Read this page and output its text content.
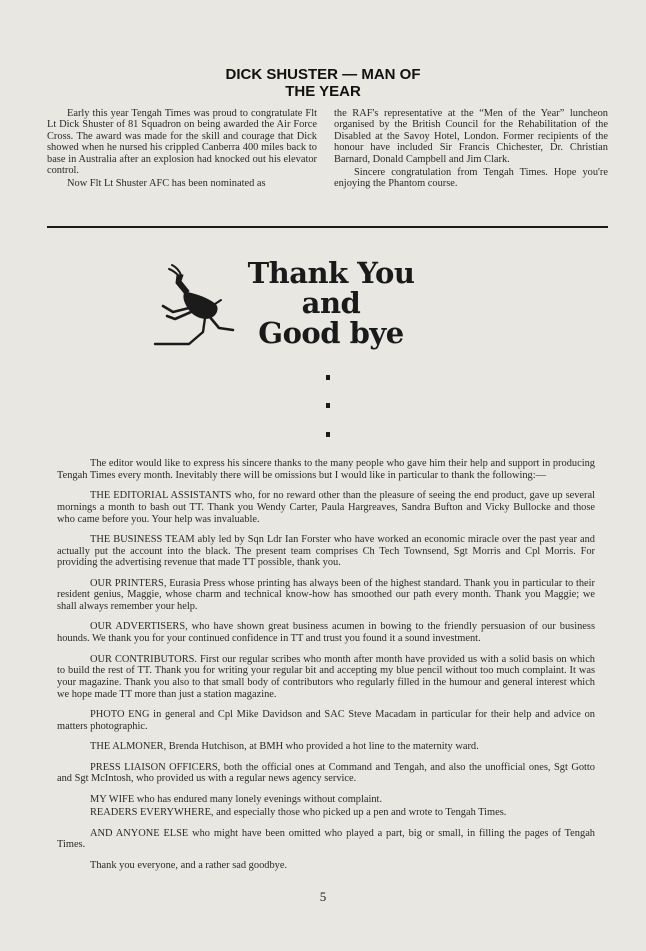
DICK SHUSTER — MAN OF
THE YEAR

Early this year Tengah Times was proud to congratulate Flt Lt Dick Shuster of 81 Squadron on being awarded the Air Force Cross. The award was made for the skill and courage that Dick showed when he nursed his crippled Canberra 400 miles back to base in Australia after an explosion had knocked out his elevator control.

Now Flt Lt Shuster AFC has been nominated as

the RAF's representative at the “Men of the Year” luncheon organised by the British Council for the Rehabilitation of the Disabled at the Savoy Hotel, London. Former recipients of the honour have included Sir Francis Chichester, Dr. Christian Barnard, Donald Campbell and Jim Clark.

Sincere congratulation from Tengah Times. Hope you're enjoying the Phantom course.

Thank You
and
Good bye

The editor would like to express his sincere thanks to the many people who gave him their help and support in producing Tengah Times every month. Inevitably there will be omissions but I would like in particular to thank the following:—

THE EDITORIAL ASSISTANTS who, for no reward other than the pleasure of seeing the end product, gave up several mornings a month to bash out TT. Thank you Wendy Carter, Paula Hargreaves, Sandra Bufton and Vicky Bullocke and those who came before you. Your help was invaluable.

THE BUSINESS TEAM ably led by Sqn Ldr Ian Forster who have worked an economic miracle over the past year and actually put the account into the black. The present team comprises Ch Tech Townsend, Sgt Morris and Cpl Morris. For providing the advertising revenue that made TT possible, thank you.

OUR PRINTERS, Eurasia Press whose printing has always been of the highest standard. Thank you in particular to their resident genius, Maggie, whose charm and technical know-how has smoothed our path every month. Thank you Maggie; we shall always remember your help.

OUR ADVERTISERS, who have shown great business acumen in bowing to the friendly persuasion of our business hounds. We thank you for your continued confidence in TT and trust you found it a sound investment.

OUR CONTRIBUTORS. First our regular scribes who month after month have provided us with a solid basis on which to build the rest of TT. Thank you for writing your regular bit and accepting my blue pencil without too much complaint. It was your magazine. Thank you also to that small body of contributors who regularly filled in the humour and general interest which we hope made TT more than just a station magazine.

PHOTO ENG in general and Cpl Mike Davidson and SAC Steve Macadam in particular for their help and advice on matters photographic.

THE ALMONER, Brenda Hutchison, at BMH who provided a hot line to the maternity ward.

PRESS LIAISON OFFICERS, both the official ones at Command and Tengah, and also the unofficial ones, Sgt Gotto and Sgt McIntosh, who provided us with a regular news agency service.

MY WIFE who has endured many lonely evenings without complaint.

READERS EVERYWHERE, and especially those who picked up a pen and wrote to Tengah Times.

AND ANYONE ELSE who might have been omitted who played a part, big or small, in filling the pages of Tengah Times.

Thank you everyone, and a rather sad goodbye.

5
